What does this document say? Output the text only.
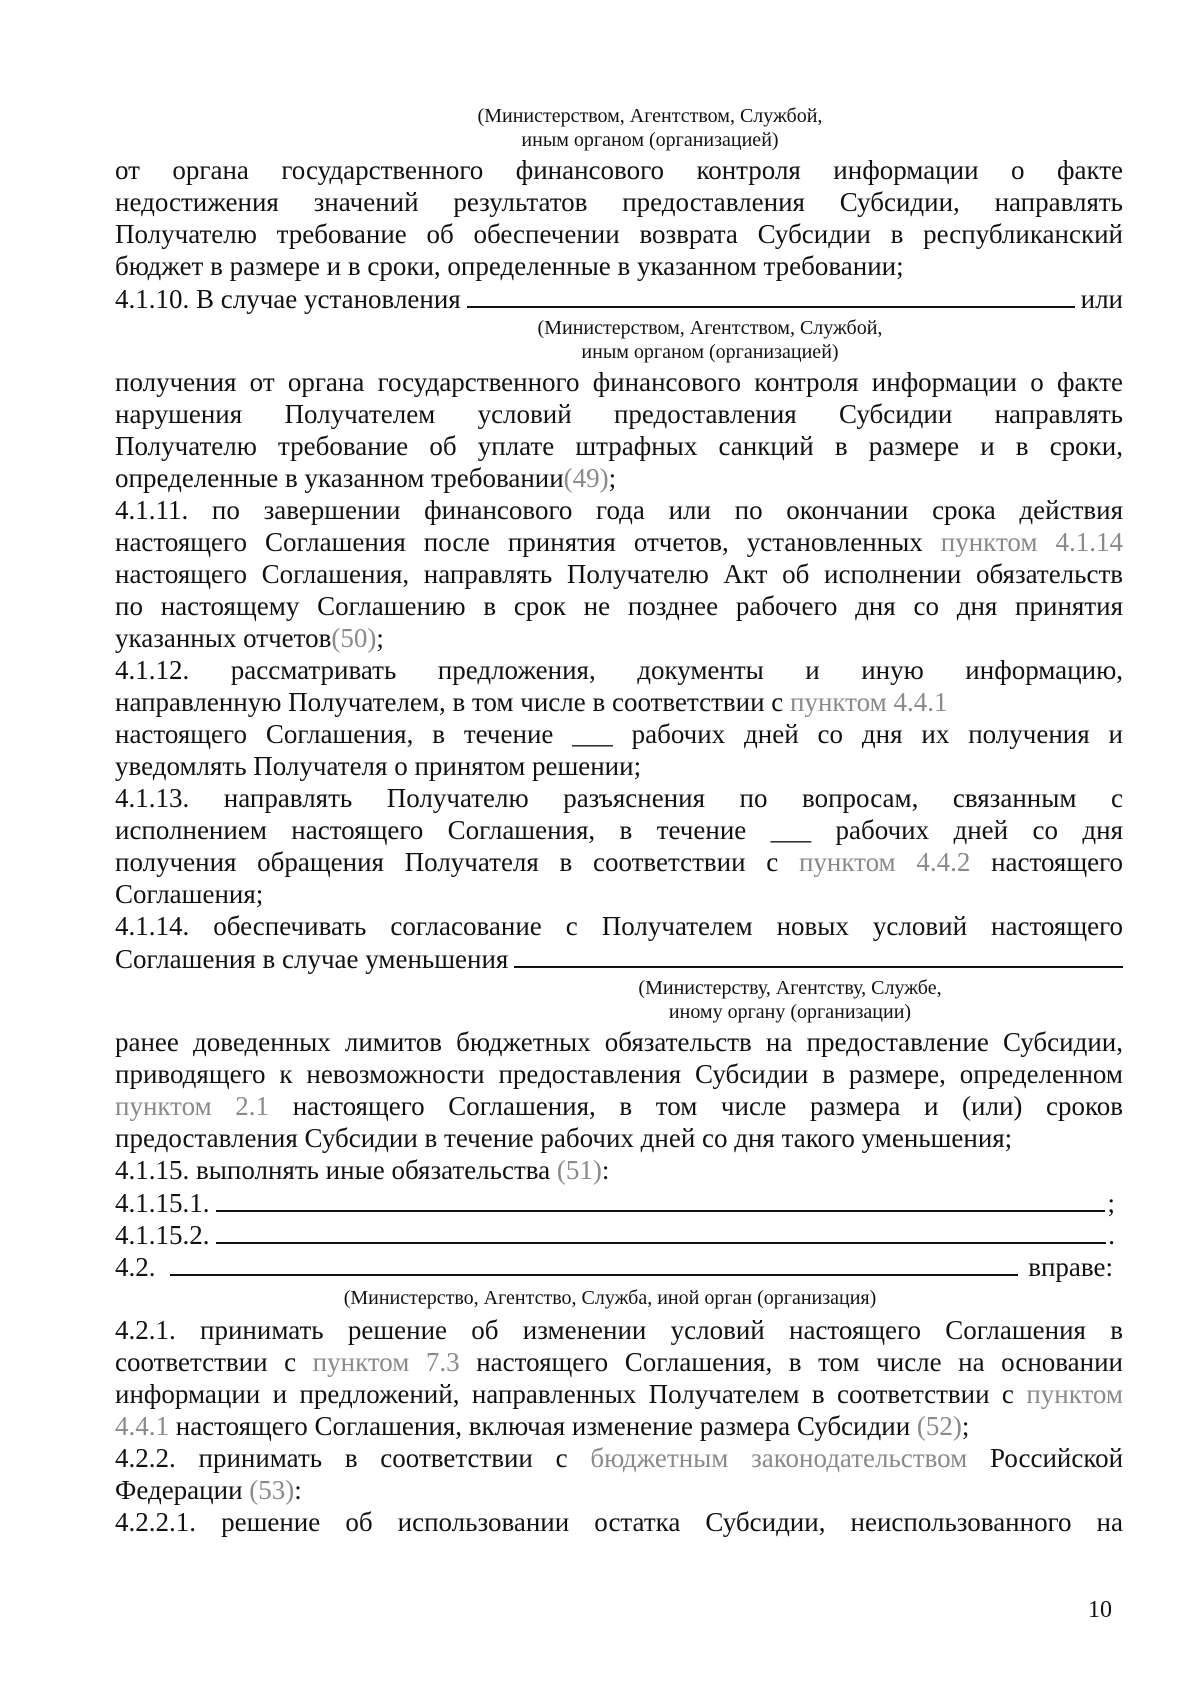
(Министерством, Агентством, Службой,
иным органом (организацией)
от органа государственного финансового контроля информации о факте
недостижения значений результатов предоставления Субсидии, направлять
Получателю требование об обеспечении возврата Субсидии в республиканский
бюджет в размере и в сроки, определенные в указанном требовании;
4.1.10. В случае установления	или
(Министерством, Агентством, Службой,
иным органом (организацией)
получения от органа государственного финансового контроля информации о факте
нарушения Получателем условий предоставления Субсидии направлять
Получателю требование об уплате штрафных санкций в размере и в сроки,
определенные в указанном требовании(49);
4.1.11. по завершении финансового года или по окончании срока действия
настоящего Соглашения после принятия отчетов, установленных пунктом 4.1.14
настоящего Соглашения, направлять Получателю Акт об исполнении обязательств
по настоящему Соглашению в срок не позднее рабочего дня со дня принятия
указанных отчетов(50);
4.1.12. рассматривать предложения, документы и иную информацию,
направленную Получателем, в том числе в соответствии с пунктом 4.4.1
настоящего Соглашения, в течение ___ рабочих дней со дня их получения и
уведомлять Получателя о принятом решении;
4.1.13. направлять Получателю разъяснения по вопросам, связанным с
исполнением настоящего Соглашения, в течение ___ рабочих дней со дня
получения обращения Получателя в соответствии с пунктом 4.4.2 настоящего
Соглашения;
4.1.14. обеспечивать согласование с Получателем новых условий настоящего
Соглашения в случае уменьшения
(Министерству, Агентству, Службе,
иному органу (организации)
ранее доведенных лимитов бюджетных обязательств на предоставление Субсидии,
приводящего к невозможности предоставления Субсидии в размере, определенном
пунктом 2.1 настоящего Соглашения, в том числе размера и (или) сроков
предоставления Субсидии в течение рабочих дней со дня такого уменьшения;
4.1.15. выполнять иные обязательства (51):
4.1.15.1.	;
4.1.15.2.	.
4.2.	вправе:
(Министерство, Агентство, Служба, иной орган (организация)
4.2.1. принимать решение об изменении условий настоящего Соглашения в
соответствии с пунктом 7.3 настоящего Соглашения, в том числе на основании
информации и предложений, направленных Получателем в соответствии с пунктом
4.4.1 настоящего Соглашения, включая изменение размера Субсидии (52);
4.2.2. принимать в соответствии с бюджетным законодательством Российской
Федерации (53):
4.2.2.1. решение об использовании остатка Субсидии, неиспользованного на
10
